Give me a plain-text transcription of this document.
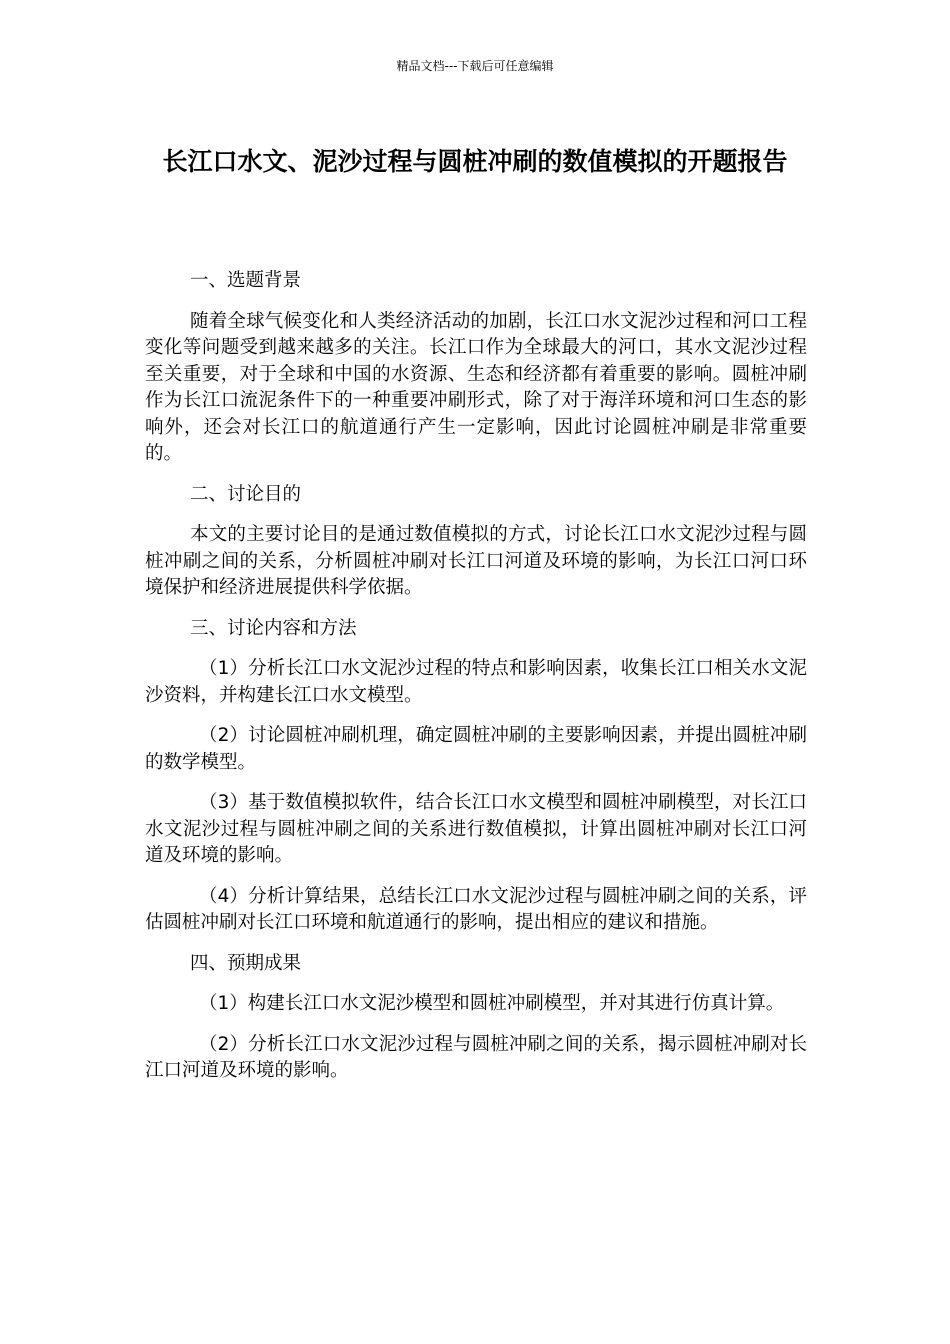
精品文档---下载后可任意编辑
长江口水文、泥沙过程与圆桩冲刷的数值模拟的开题报告

一、选题背景

随着全球气候变化和人类经济活动的加剧，长江口水文泥沙过程和河口工程变化等问题受到越来越多的关注。长江口作为全球最大的河口，其水文泥沙过程至关重要，对于全球和中国的水资源、生态和经济都有着重要的影响。圆桩冲刷作为长江口流泥条件下的一种重要冲刷形式，除了对于海洋环境和河口生态的影响外，还会对长江口的航道通行产生一定影响，因此讨论圆桩冲刷是非常重要的。

二、讨论目的

本文的主要讨论目的是通过数值模拟的方式，讨论长江口水文泥沙过程与圆桩冲刷之间的关系，分析圆桩冲刷对长江口河道及环境的影响，为长江口河口环境保护和经济进展提供科学依据。

三、讨论内容和方法

（1）分析长江口水文泥沙过程的特点和影响因素，收集长江口相关水文泥沙资料，并构建长江口水文模型。

（2）讨论圆桩冲刷机理，确定圆桩冲刷的主要影响因素，并提出圆桩冲刷的数学模型。

（3）基于数值模拟软件，结合长江口水文模型和圆桩冲刷模型，对长江口水文泥沙过程与圆桩冲刷之间的关系进行数值模拟，计算出圆桩冲刷对长江口河道及环境的影响。

（4）分析计算结果，总结长江口水文泥沙过程与圆桩冲刷之间的关系，评估圆桩冲刷对长江口环境和航道通行的影响，提出相应的建议和措施。

四、预期成果

（1）构建长江口水文泥沙模型和圆桩冲刷模型，并对其进行仿真计算。

（2）分析长江口水文泥沙过程与圆桩冲刷之间的关系，揭示圆桩冲刷对长江口河道及环境的影响。
